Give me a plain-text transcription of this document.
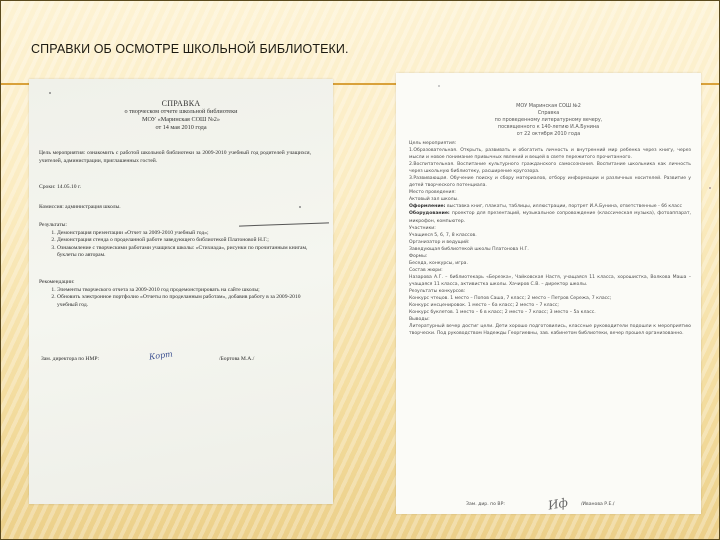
СПРАВКИ ОБ ОСМОТРЕ ШКОЛЬНОЙ БИБЛИОТЕКИ.
СПРАВКА
о творческом отчете школьной библиотеки
МОУ «Маринская СОШ №2»
от 14 мая 2010 года
Цель мероприятия: ознакомить с работой школьной библиотеки за 2009-2010 учебный год родителей учащихся, учителей, администрации, приглашенных гостей.
Сроки: 14.05.10 г.
Комиссия: администрация школы.
Результаты:
1. Демонстрация презентации «Отчет за 2009-2010 учебный год»;
2. Демонстрация стенда о проделанной работе заведующего библиотекой Платоновой Н.Г.;
3. Ознакомление с творческими работами учащихся школы: «Стихиада», рисунки по прочитанным книгам, буклеты по авторам.
Рекомендации:
1. Элементы творческого отчета за 2009-2010 год продемонстрировать на сайте школы;
2. Обновить электронное портфолио «Отчеты по проделанным работам», добавив работу в за 2009-2010 учебный год.
Зам. директора по НМР:	Корт	/Бортова М.А./
МОУ Маринская СОШ №2
Справка
по проведенному литературному вечеру,
посвященного к 140-летию И.А.Бунина
от 22 октября 2010 года
Цель мероприятия:
1.Образовательная. Открыть, развивать и обогатить личность и внутренний мир ребенка через книгу, через мысли и новое понимание привычных явлений и вещей в свете пережитого прочитанного.
2.Воспитательная. Воспитание культурного гражданского самосознания. Воспитание школьника как личность через школьную библиотеку, расширение кругозора.
3.Развивающая. Обучение поиску и сбору материалов, отбору информации и различных носителей. Развитие у детей творческого потенциала.
Место проведения:
Актовый зал школы.
Оформление: выставка книг, плакаты, таблицы, иллюстрации, портрет И.А.Бунина, ответственные - 6б класс
Оборудование: проектор для презентаций, музыкальное сопровождение (классическая музыка), фотоаппарат, микрофон, компьютер.
Участники:
Учащиеся 5, 6, 7, 8 классов.
Организатор и ведущий:
Заведующая библиотекой школы Платонова Н.Г.
Формы:
Беседа, конкурсы, игра.
Состав жюри:
Назарова А.Г. – библиотекарь «Березка», Чайковская Настя, учащаяся 11 класса, хорошистка, Волкова Маша – учащаяся 11 класса, активистка школы. Хачиров С.В. – директор школы.
Результаты конкурсов:
Конкурс чтецов. 1 место – Попов Саша, 7 класс; 2 место – Петров Сережа, 7 класс;
Конкурс инсценировок. 1 место – 6а класс; 2 место – 7 класс;
Конкурс буклетов. 1 место – 6 в класс; 2 место – 7 класс; 3 место – 5а класс.
Выводы:
Литературный вечер достиг цели. Дети хорошо подготовились, классные руководители подошли к мероприятию творчески. Под руководством Надежды Георгиевны, зав. кабинетом библиотеки, вечер прошел организованно.
Зам. дир. по ВР:	Иф	/Иванова Р.Е./
